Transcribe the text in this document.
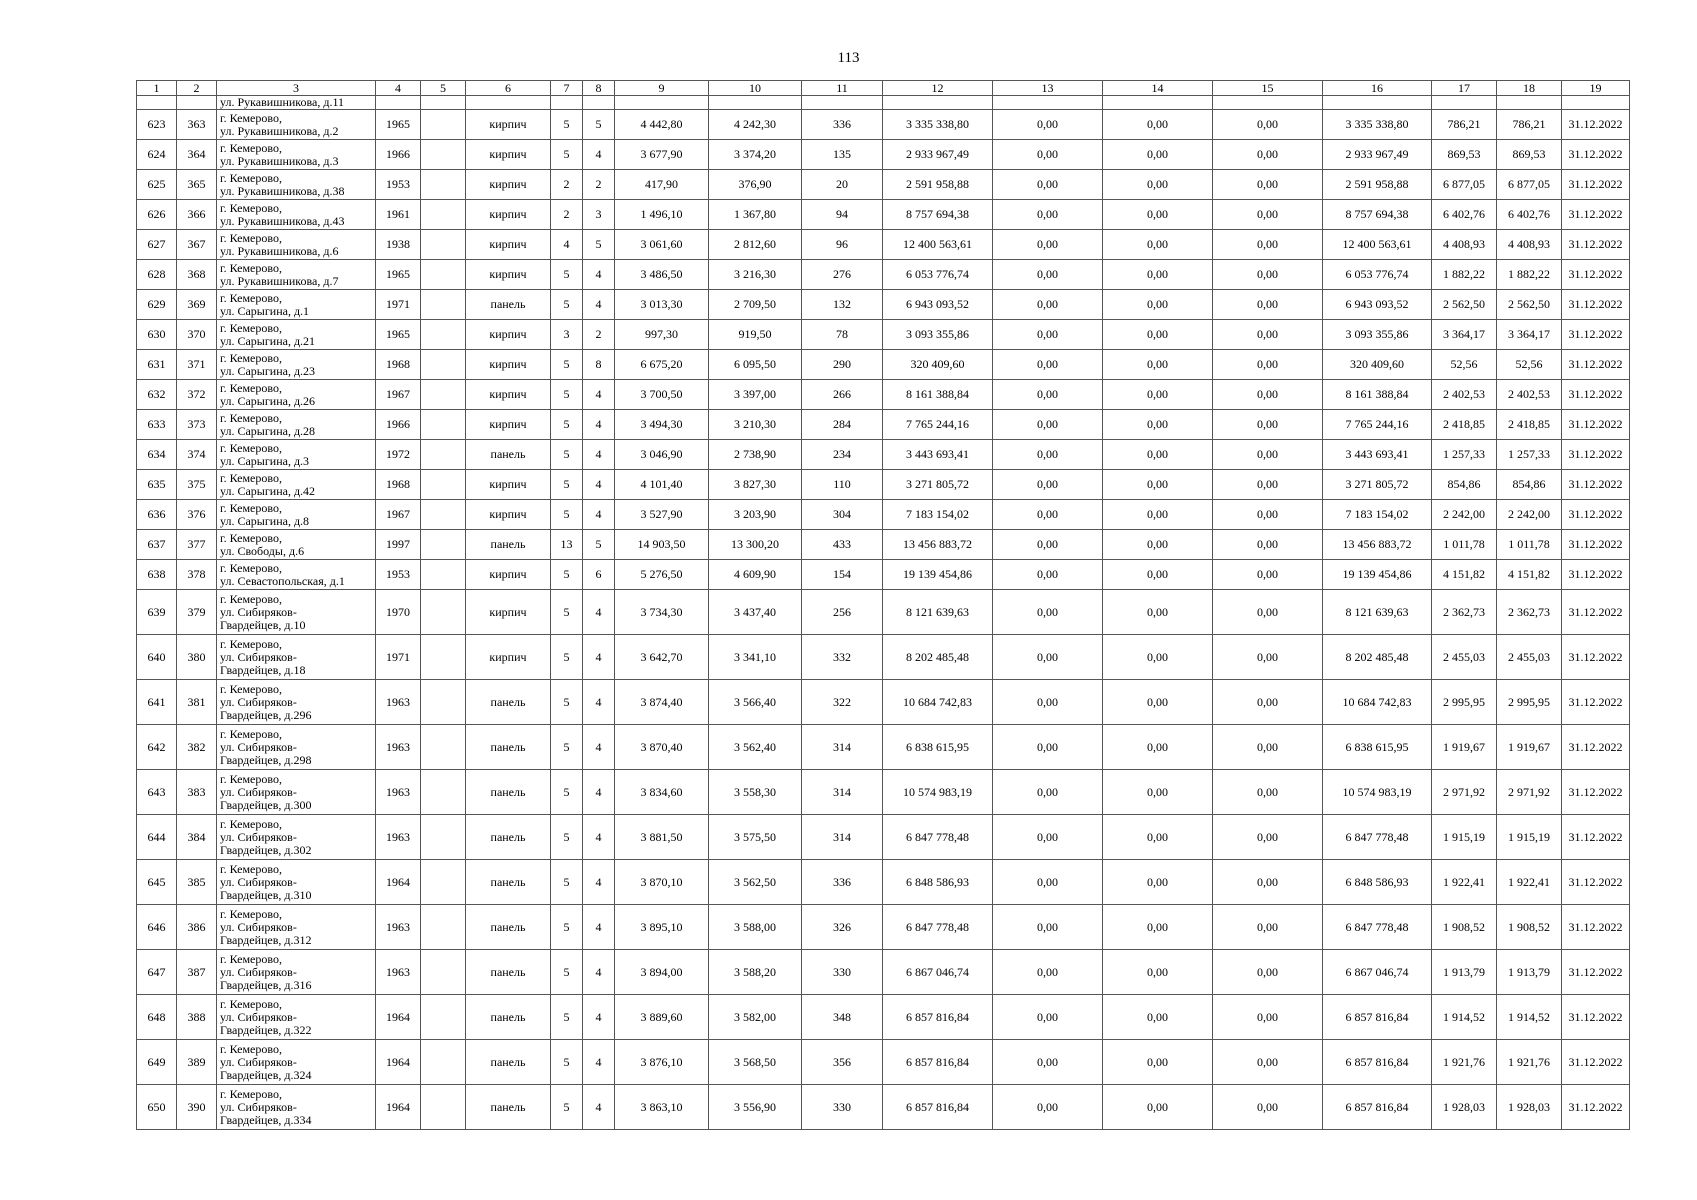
113
1	2	3	4	5	6	7	8	9	10	11	12	13	14	15	16	17	18	19
		ул. Рукавишникова, д.11																
623	363	г. Кемерово,
ул. Рукавишникова, д.2	1965		кирпич	5	5	4 442,80	4 242,30	336	3 335 338,80	0,00	0,00	0,00	3 335 338,80	786,21	786,21	31.12.2022
624	364	г. Кемерово,
ул. Рукавишникова, д.3	1966		кирпич	5	4	3 677,90	3 374,20	135	2 933 967,49	0,00	0,00	0,00	2 933 967,49	869,53	869,53	31.12.2022
625	365	г. Кемерово,
ул. Рукавишникова, д.38	1953		кирпич	2	2	417,90	376,90	20	2 591 958,88	0,00	0,00	0,00	2 591 958,88	6 877,05	6 877,05	31.12.2022
626	366	г. Кемерово,
ул. Рукавишникова, д.43	1961		кирпич	2	3	1 496,10	1 367,80	94	8 757 694,38	0,00	0,00	0,00	8 757 694,38	6 402,76	6 402,76	31.12.2022
627	367	г. Кемерово,
ул. Рукавишникова, д.6	1938		кирпич	4	5	3 061,60	2 812,60	96	12 400 563,61	0,00	0,00	0,00	12 400 563,61	4 408,93	4 408,93	31.12.2022
628	368	г. Кемерово,
ул. Рукавишникова, д.7	1965		кирпич	5	4	3 486,50	3 216,30	276	6 053 776,74	0,00	0,00	0,00	6 053 776,74	1 882,22	1 882,22	31.12.2022
629	369	г. Кемерово,
ул. Сарыгина, д.1	1971		панель	5	4	3 013,30	2 709,50	132	6 943 093,52	0,00	0,00	0,00	6 943 093,52	2 562,50	2 562,50	31.12.2022
630	370	г. Кемерово,
ул. Сарыгина, д.21	1965		кирпич	3	2	997,30	919,50	78	3 093 355,86	0,00	0,00	0,00	3 093 355,86	3 364,17	3 364,17	31.12.2022
631	371	г. Кемерово,
ул. Сарыгина, д.23	1968		кирпич	5	8	6 675,20	6 095,50	290	320 409,60	0,00	0,00	0,00	320 409,60	52,56	52,56	31.12.2022
632	372	г. Кемерово,
ул. Сарыгина, д.26	1967		кирпич	5	4	3 700,50	3 397,00	266	8 161 388,84	0,00	0,00	0,00	8 161 388,84	2 402,53	2 402,53	31.12.2022
633	373	г. Кемерово,
ул. Сарыгина, д.28	1966		кирпич	5	4	3 494,30	3 210,30	284	7 765 244,16	0,00	0,00	0,00	7 765 244,16	2 418,85	2 418,85	31.12.2022
634	374	г. Кемерово,
ул. Сарыгина, д.3	1972		панель	5	4	3 046,90	2 738,90	234	3 443 693,41	0,00	0,00	0,00	3 443 693,41	1 257,33	1 257,33	31.12.2022
635	375	г. Кемерово,
ул. Сарыгина, д.42	1968		кирпич	5	4	4 101,40	3 827,30	110	3 271 805,72	0,00	0,00	0,00	3 271 805,72	854,86	854,86	31.12.2022
636	376	г. Кемерово,
ул. Сарыгина, д.8	1967		кирпич	5	4	3 527,90	3 203,90	304	7 183 154,02	0,00	0,00	0,00	7 183 154,02	2 242,00	2 242,00	31.12.2022
637	377	г. Кемерово,
ул. Свободы, д.6	1997		панель	13	5	14 903,50	13 300,20	433	13 456 883,72	0,00	0,00	0,00	13 456 883,72	1 011,78	1 011,78	31.12.2022
638	378	г. Кемерово,
ул. Севастопольская, д.1	1953		кирпич	5	6	5 276,50	4 609,90	154	19 139 454,86	0,00	0,00	0,00	19 139 454,86	4 151,82	4 151,82	31.12.2022
639	379	г. Кемерово,
ул. Сибиряков-
Гвардейцев, д.10	1970		кирпич	5	4	3 734,30	3 437,40	256	8 121 639,63	0,00	0,00	0,00	8 121 639,63	2 362,73	2 362,73	31.12.2022
640	380	г. Кемерово,
ул. Сибиряков-
Гвардейцев, д.18	1971		кирпич	5	4	3 642,70	3 341,10	332	8 202 485,48	0,00	0,00	0,00	8 202 485,48	2 455,03	2 455,03	31.12.2022
641	381	г. Кемерово,
ул. Сибиряков-
Гвардейцев, д.296	1963		панель	5	4	3 874,40	3 566,40	322	10 684 742,83	0,00	0,00	0,00	10 684 742,83	2 995,95	2 995,95	31.12.2022
642	382	г. Кемерово,
ул. Сибиряков-
Гвардейцев, д.298	1963		панель	5	4	3 870,40	3 562,40	314	6 838 615,95	0,00	0,00	0,00	6 838 615,95	1 919,67	1 919,67	31.12.2022
643	383	г. Кемерово,
ул. Сибиряков-
Гвардейцев, д.300	1963		панель	5	4	3 834,60	3 558,30	314	10 574 983,19	0,00	0,00	0,00	10 574 983,19	2 971,92	2 971,92	31.12.2022
644	384	г. Кемерово,
ул. Сибиряков-
Гвардейцев, д.302	1963		панель	5	4	3 881,50	3 575,50	314	6 847 778,48	0,00	0,00	0,00	6 847 778,48	1 915,19	1 915,19	31.12.2022
645	385	г. Кемерово,
ул. Сибиряков-
Гвардейцев, д.310	1964		панель	5	4	3 870,10	3 562,50	336	6 848 586,93	0,00	0,00	0,00	6 848 586,93	1 922,41	1 922,41	31.12.2022
646	386	г. Кемерово,
ул. Сибиряков-
Гвардейцев, д.312	1963		панель	5	4	3 895,10	3 588,00	326	6 847 778,48	0,00	0,00	0,00	6 847 778,48	1 908,52	1 908,52	31.12.2022
647	387	г. Кемерово,
ул. Сибиряков-
Гвардейцев, д.316	1963		панель	5	4	3 894,00	3 588,20	330	6 867 046,74	0,00	0,00	0,00	6 867 046,74	1 913,79	1 913,79	31.12.2022
648	388	г. Кемерово,
ул. Сибиряков-
Гвардейцев, д.322	1964		панель	5	4	3 889,60	3 582,00	348	6 857 816,84	0,00	0,00	0,00	6 857 816,84	1 914,52	1 914,52	31.12.2022
649	389	г. Кемерово,
ул. Сибиряков-
Гвардейцев, д.324	1964		панель	5	4	3 876,10	3 568,50	356	6 857 816,84	0,00	0,00	0,00	6 857 816,84	1 921,76	1 921,76	31.12.2022
650	390	г. Кемерово,
ул. Сибиряков-
Гвардейцев, д.334	1964		панель	5	4	3 863,10	3 556,90	330	6 857 816,84	0,00	0,00	0,00	6 857 816,84	1 928,03	1 928,03	31.12.2022
